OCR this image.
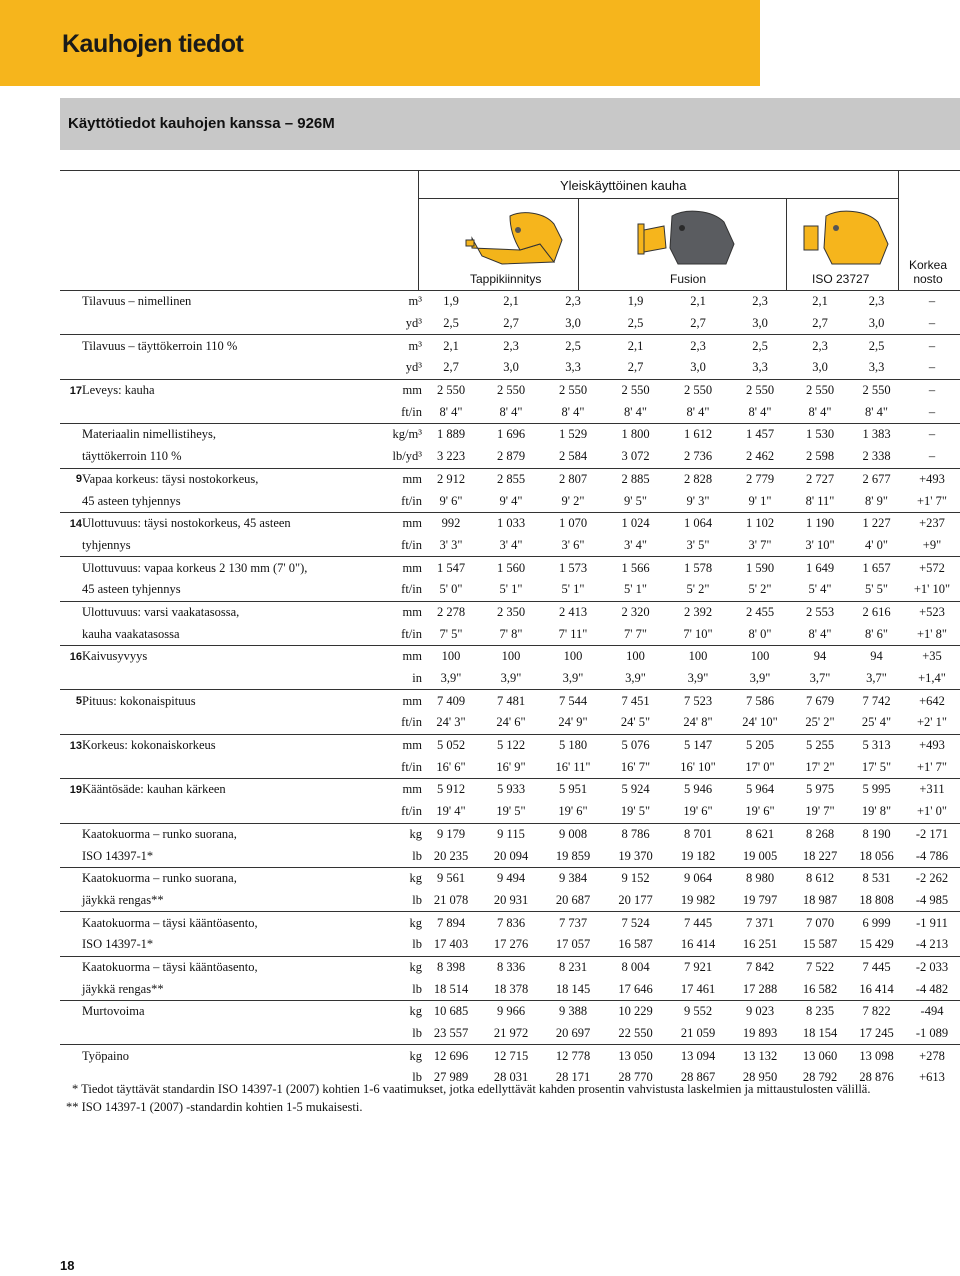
Kauhojen tiedot
Käyttötiedot kauhojen kanssa – 926M
Yleiskäyttöinen kauha
Tappikiinnitys	Fusion	ISO 23727
Korkea
nosto
	Tilavuus – nimellinen	m³	1,9	2,1	2,3	1,9	2,1	2,3	2,1	2,3	–
		yd³	2,5	2,7	3,0	2,5	2,7	3,0	2,7	3,0	–
	Tilavuus – täyttökerroin 110 %	m³	2,1	2,3	2,5	2,1	2,3	2,5	2,3	2,5	–
		yd³	2,7	3,0	3,3	2,7	3,0	3,3	3,0	3,3	–
17	Leveys: kauha	mm	2 550	2 550	2 550	2 550	2 550	2 550	2 550	2 550	–
		ft/in	8' 4"	8' 4"	8' 4"	8' 4"	8' 4"	8' 4"	8' 4"	8' 4"	–
	Materiaalin nimellistiheys,	kg/m³	1 889	1 696	1 529	1 800	1 612	1 457	1 530	1 383	–
	täyttökerroin 110 %	lb/yd³	3 223	2 879	2 584	3 072	2 736	2 462	2 598	2 338	–
9	Vapaa korkeus: täysi nostokorkeus,	mm	2 912	2 855	2 807	2 885	2 828	2 779	2 727	2 677	+493
	45 asteen tyhjennys	ft/in	9' 6"	9' 4"	9' 2"	9' 5"	9' 3"	9' 1"	8' 11"	8' 9"	+1' 7"
14	Ulottuvuus: täysi nostokorkeus, 45 asteen	mm	992	1 033	1 070	1 024	1 064	1 102	1 190	1 227	+237
	tyhjennys	ft/in	3' 3"	3' 4"	3' 6"	3' 4"	3' 5"	3' 7"	3' 10"	4' 0"	+9"
	Ulottuvuus: vapaa korkeus 2 130 mm (7' 0"),	mm	1 547	1 560	1 573	1 566	1 578	1 590	1 649	1 657	+572
	45 asteen tyhjennys	ft/in	5' 0"	5' 1"	5' 1"	5' 1"	5' 2"	5' 2"	5' 4"	5' 5"	+1' 10"
	Ulottuvuus: varsi vaakatasossa,	mm	2 278	2 350	2 413	2 320	2 392	2 455	2 553	2 616	+523
	kauha vaakatasossa	ft/in	7' 5"	7' 8"	7' 11"	7' 7"	7' 10"	8' 0"	8' 4"	8' 6"	+1' 8"
16	Kaivusyvyys	mm	100	100	100	100	100	100	94	94	+35
		in	3,9"	3,9"	3,9"	3,9"	3,9"	3,9"	3,7"	3,7"	+1,4"
5	Pituus: kokonaispituus	mm	7 409	7 481	7 544	7 451	7 523	7 586	7 679	7 742	+642
		ft/in	24' 3"	24' 6"	24' 9"	24' 5"	24' 8"	24' 10"	25' 2"	25' 4"	+2' 1"
13	Korkeus: kokonaiskorkeus	mm	5 052	5 122	5 180	5 076	5 147	5 205	5 255	5 313	+493
		ft/in	16' 6"	16' 9"	16' 11"	16' 7"	16' 10"	17' 0"	17' 2"	17' 5"	+1' 7"
19	Kääntösäde: kauhan kärkeen	mm	5 912	5 933	5 951	5 924	5 946	5 964	5 975	5 995	+311
		ft/in	19' 4"	19' 5"	19' 6"	19' 5"	19' 6"	19' 6"	19' 7"	19' 8"	+1' 0"
	Kaatokuorma – runko suorana,	kg	9 179	9 115	9 008	8 786	8 701	8 621	8 268	8 190	-2 171
	ISO 14397-1*	lb	20 235	20 094	19 859	19 370	19 182	19 005	18 227	18 056	-4 786
	Kaatokuorma – runko suorana,	kg	9 561	9 494	9 384	9 152	9 064	8 980	8 612	8 531	-2 262
	jäykkä rengas**	lb	21 078	20 931	20 687	20 177	19 982	19 797	18 987	18 808	-4 985
	Kaatokuorma – täysi kääntöasento,	kg	7 894	7 836	7 737	7 524	7 445	7 371	7 070	6 999	-1 911
	ISO 14397-1*	lb	17 403	17 276	17 057	16 587	16 414	16 251	15 587	15 429	-4 213
	Kaatokuorma – täysi kääntöasento,	kg	8 398	8 336	8 231	8 004	7 921	7 842	7 522	7 445	-2 033
	jäykkä rengas**	lb	18 514	18 378	18 145	17 646	17 461	17 288	16 582	16 414	-4 482
	Murtovoima	kg	10 685	9 966	9 388	10 229	9 552	9 023	8 235	7 822	-494
		lb	23 557	21 972	20 697	22 550	21 059	19 893	18 154	17 245	-1 089
	Työpaino	kg	12 696	12 715	12 778	13 050	13 094	13 132	13 060	13 098	+278
		lb	27 989	28 031	28 171	28 770	28 867	28 950	28 792	28 876	+613
* Tiedot täyttävät standardin ISO 14397-1 (2007) kohtien 1-6 vaatimukset, jotka edellyttävät kahden prosentin vahvistusta laskelmien ja mittaustulosten välillä.
** ISO 14397-1 (2007) -standardin kohtien 1-5 mukaisesti.
18
